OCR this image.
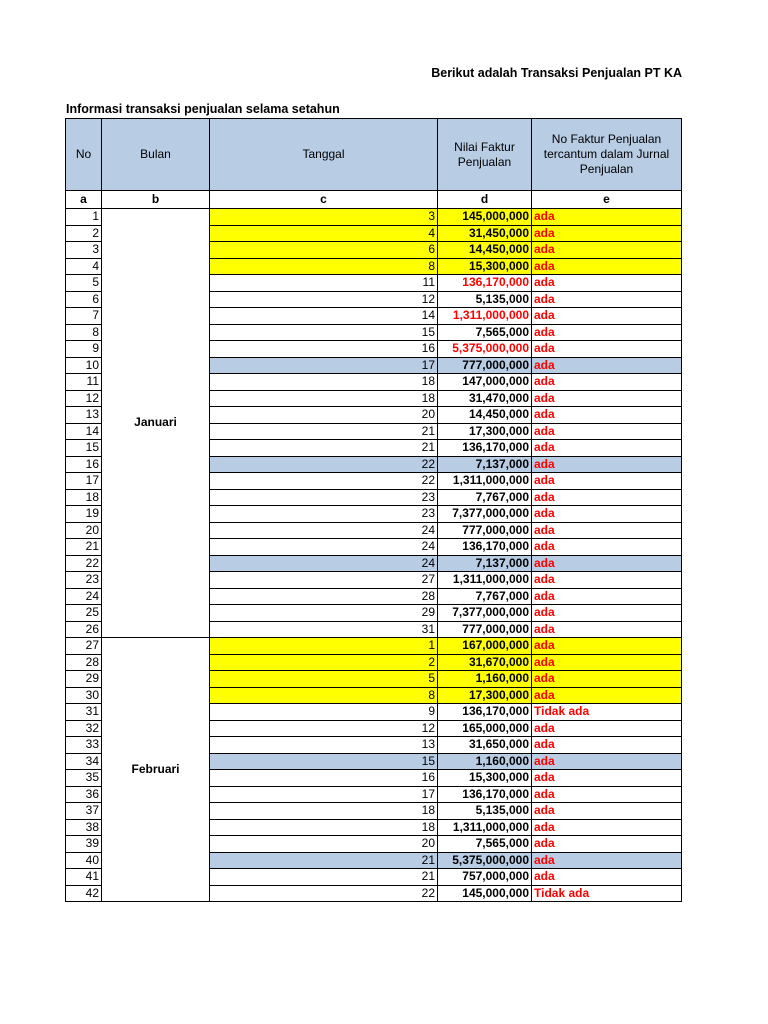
Berikut adalah Transaksi Penjualan PT KA
Informasi transaksi penjualan selama setahun
No	Bulan	Tanggal	Nilai Faktur Penjualan	No Faktur Penjualan tercantum dalam Jurnal Penjualan
a	b	c	d	e
1	Januari	3	145,000,000	ada
2		4	31,450,000	ada
3		6	14,450,000	ada
4		8	15,300,000	ada
5		11	136,170,000	ada
6		12	5,135,000	ada
7		14	1,311,000,000	ada
8		15	7,565,000	ada
9		16	5,375,000,000	ada
10		17	777,000,000	ada
11		18	147,000,000	ada
12		18	31,470,000	ada
13		20	14,450,000	ada
14		21	17,300,000	ada
15		21	136,170,000	ada
16		22	7,137,000	ada
17		22	1,311,000,000	ada
18		23	7,767,000	ada
19		23	7,377,000,000	ada
20		24	777,000,000	ada
21		24	136,170,000	ada
22		24	7,137,000	ada
23		27	1,311,000,000	ada
24		28	7,767,000	ada
25		29	7,377,000,000	ada
26		31	777,000,000	ada
27	Februari	1	167,000,000	ada
28		2	31,670,000	ada
29		5	1,160,000	ada
30		8	17,300,000	ada
31		9	136,170,000	Tidak ada
32		12	165,000,000	ada
33		13	31,650,000	ada
34		15	1,160,000	ada
35		16	15,300,000	ada
36		17	136,170,000	ada
37		18	5,135,000	ada
38		18	1,311,000,000	ada
39		20	7,565,000	ada
40		21	5,375,000,000	ada
41		21	757,000,000	ada
42		22	145,000,000	Tidak ada
